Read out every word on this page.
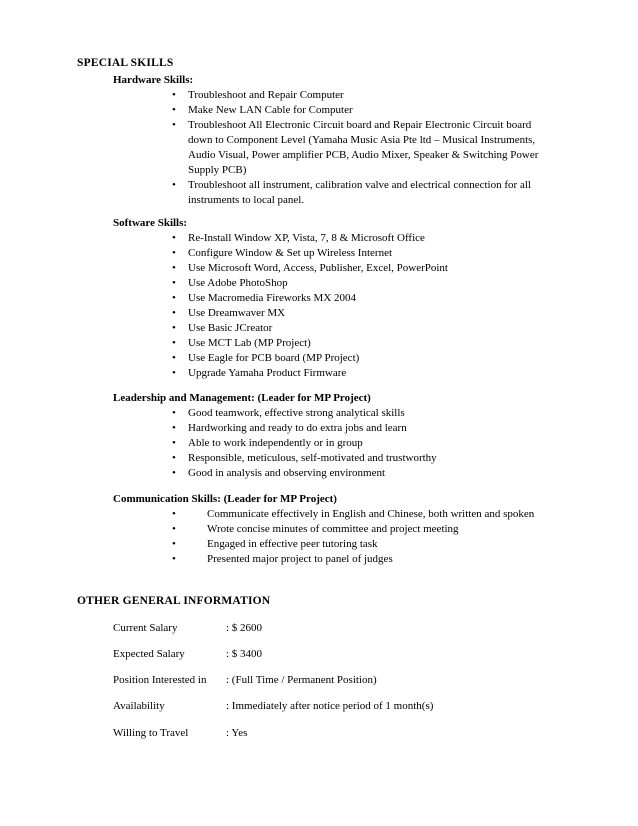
SPECIAL SKILLS
Hardware Skills:
•	Troubleshoot and Repair Computer
•	Make New LAN Cable for Computer
•	Troubleshoot All Electronic Circuit board and Repair Electronic Circuit board down to Component Level (Yamaha Music Asia Pte ltd – Musical Instruments, Audio Visual, Power amplifier PCB, Audio Mixer, Speaker & Switching Power Supply PCB)
•	Troubleshoot all instrument, calibration valve and electrical connection for all instruments to local panel.
Software Skills:
•	Re-Install Window XP, Vista, 7, 8 & Microsoft Office
•	Configure Window & Set up Wireless Internet
•	Use Microsoft Word, Access, Publisher, Excel, PowerPoint
•	Use Adobe PhotoShop
•	Use Macromedia Fireworks MX 2004
•	Use Dreamwaver MX
•	Use Basic JCreator
•	Use MCT Lab (MP Project)
•	Use Eagle for PCB board (MP Project)
•	Upgrade Yamaha Product Firmware
Leadership and Management: (Leader for MP Project)
•	Good teamwork, effective strong analytical skills
•	Hardworking and ready to do extra jobs and learn
•	Able to work independently or in group
•	Responsible, meticulous, self-motivated and trustworthy
•	Good in analysis and observing environment
Communication Skills: (Leader for MP Project)
•	Communicate effectively in English and Chinese, both written and spoken
•	Wrote concise minutes of committee and project meeting
•	Engaged in effective peer tutoring task
•	Presented major project to panel of judges
OTHER GENERAL INFORMATION
Current Salary	: $ 2600
Expected Salary	: $ 3400
Position Interested in : (Full Time / Permanent Position)
Availability	: Immediately after notice period of 1 month(s)
Willing to Travel	: Yes
